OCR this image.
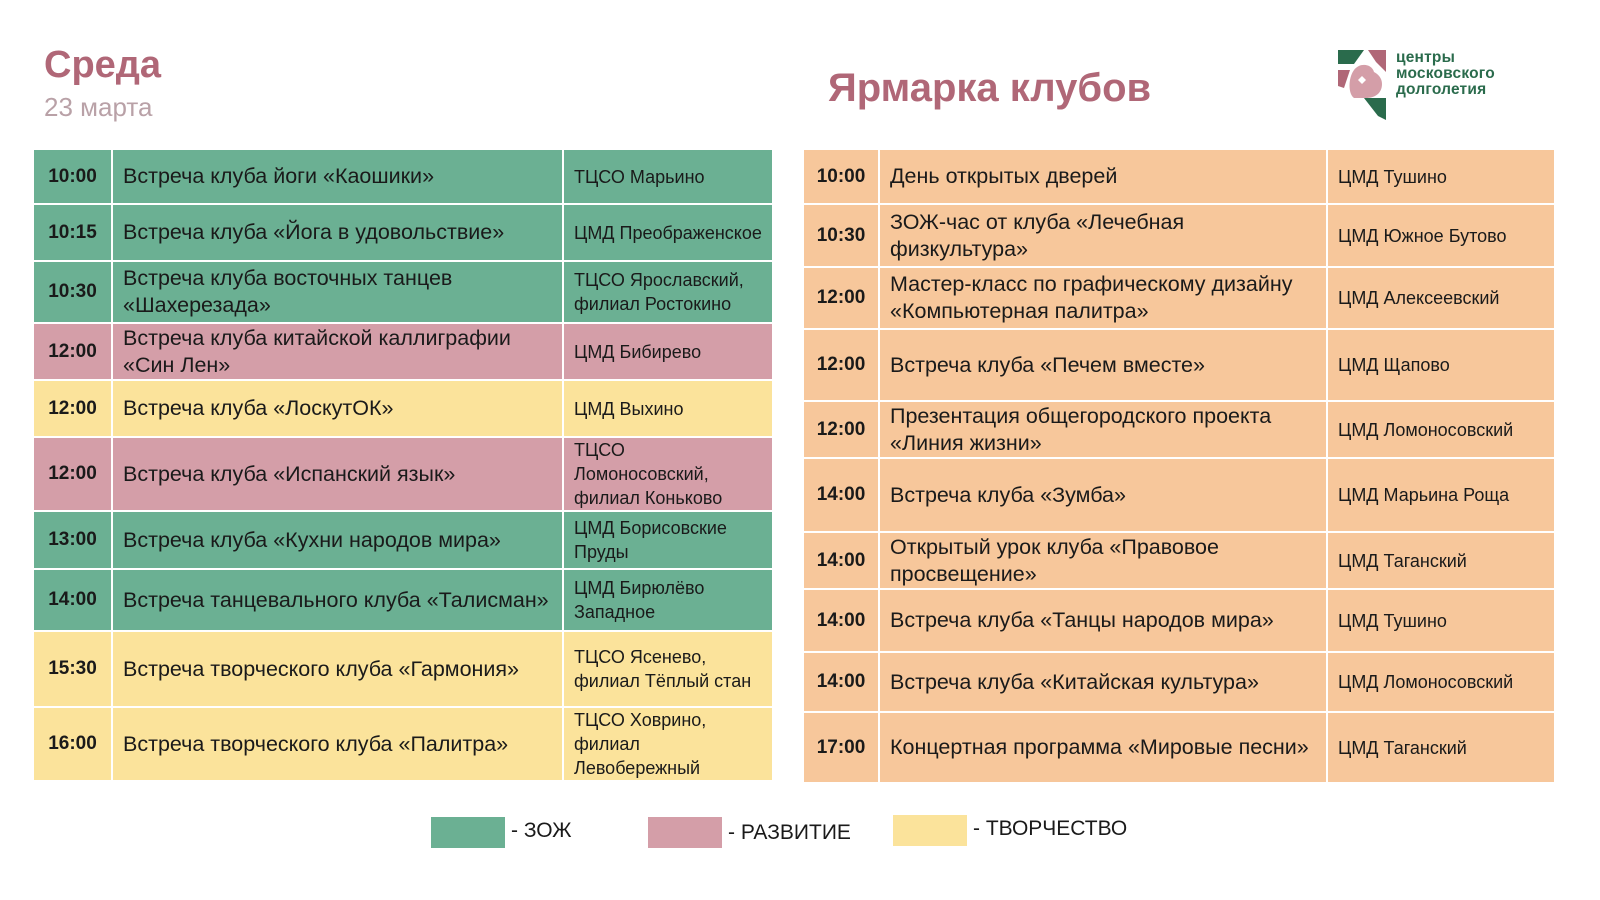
Среда
23 марта	Ярмарка клубов
центры
московского
долголетия
10:00	Встреча клуба йоги «Каошики»	ТЦСО Марьино
10:15	Встреча клуба «Йога в удовольствие»	ЦМД Преображенское
10:30	Встреча клуба восточных танцев «Шахерезада»	ТЦСО Ярославский, филиал Ростокино
12:00	Встреча клуба китайской каллиграфии «Син Лен»	ЦМД Бибирево
12:00	Встреча клуба «ЛоскутОК»	ЦМД Выхино
12:00	Встреча клуба «Испанский язык»	ТЦСО Ломоносовский, филиал Коньково
13:00	Встреча клуба «Кухни народов мира»	ЦМД Борисовские Пруды
14:00	Встреча танцевального клуба «Талисман»	ЦМД Бирюлёво Западное
15:30	Встреча творческого клуба «Гармония»	ТЦСО Ясенево, филиал Тёплый стан
16:00	Встреча творческого клуба «Палитра»	ТЦСО Ховрино, филиал Левобережный
10:00	День открытых дверей	ЦМД Тушино
10:30	ЗОЖ-час от клуба «Лечебная физкультура»	ЦМД Южное Бутово
12:00	Мастер-класс по графическому дизайну «Компьютерная палитра»	ЦМД Алексеевский
12:00	Встреча клуба «Печем вместе»	ЦМД Щапово
12:00	Презентация общегородского проекта «Линия жизни»	ЦМД Ломоносовский
14:00	Встреча клуба «Зумба»	ЦМД Марьина Роща
14:00	Открытый урок клуба «Правовое просвещение»	ЦМД Таганский
14:00	Встреча клуба «Танцы народов мира»	ЦМД Тушино
14:00	Встреча клуба «Китайская культура»	ЦМД Ломоносовский
17:00	Концертная программа «Мировые песни»	ЦМД Таганский
- ЗОЖ	- РАЗВИТИЕ	- ТВОРЧЕСТВО
